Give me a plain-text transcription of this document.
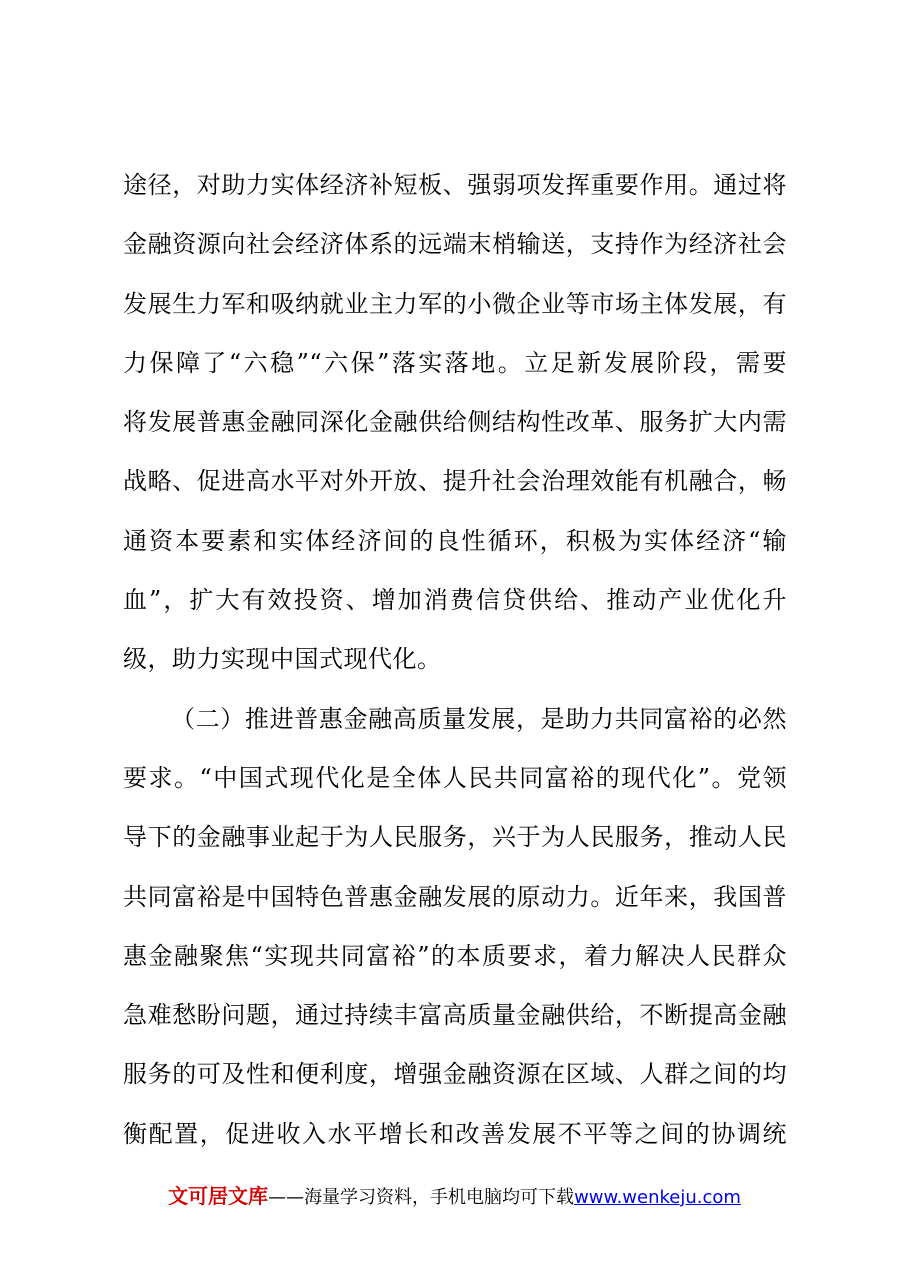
途径，对助力实体经济补短板、强弱项发挥重要作用。通过将
金融资源向社会经济体系的远端末梢输送，支持作为经济社会
发展生力军和吸纳就业主力军的小微企业等市场主体发展，有
力保障了“六稳”“六保”落实落地。立足新发展阶段，需要
将发展普惠金融同深化金融供给侧结构性改革、服务扩大内需
战略、促进高水平对外开放、提升社会治理效能有机融合，畅
通资本要素和实体经济间的良性循环，积极为实体经济“输
血”，扩大有效投资、增加消费信贷供给、推动产业优化升
级，助力实现中国式现代化。
（二）推进普惠金融高质量发展，是助力共同富裕的必然
要求。“中国式现代化是全体人民共同富裕的现代化”。党领
导下的金融事业起于为人民服务，兴于为人民服务，推动人民
共同富裕是中国特色普惠金融发展的原动力。近年来，我国普
惠金融聚焦“实现共同富裕”的本质要求，着力解决人民群众
急难愁盼问题，通过持续丰富高质量金融供给，不断提高金融
服务的可及性和便利度，增强金融资源在区域、人群之间的均
衡配置，促进收入水平增长和改善发展不平等之间的协调统
文可居文库——海量学习资料，手机电脑均可下载www.wenkeju.com
